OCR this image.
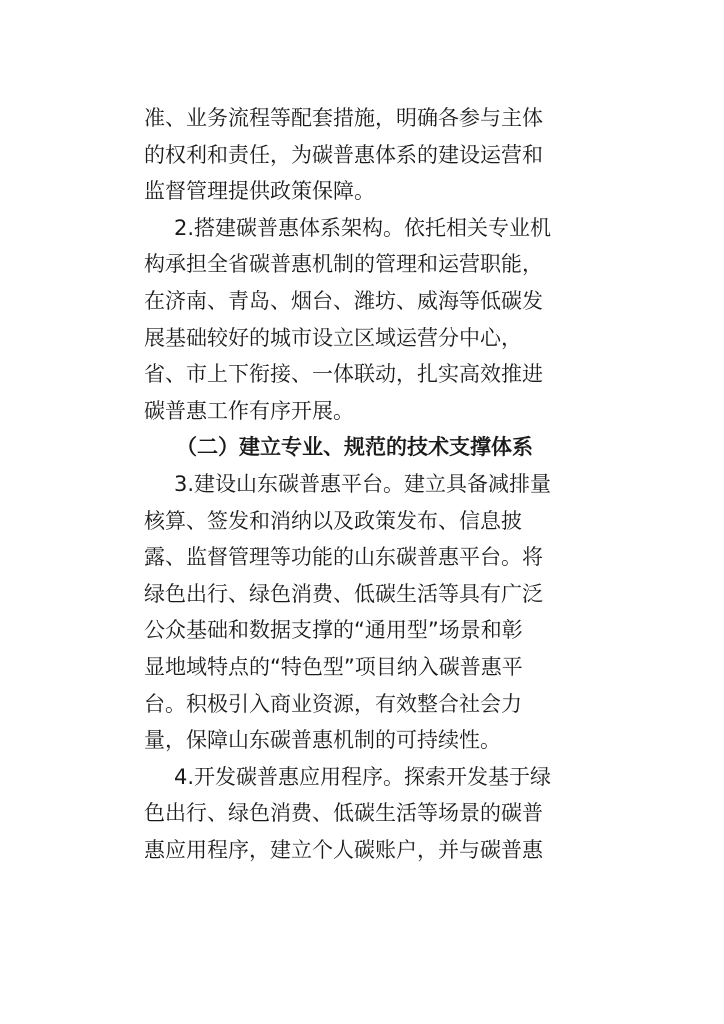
准、业务流程等配套措施，明确各参与主体
的权利和责任，为碳普惠体系的建设运营和
监督管理提供政策保障。
2.搭建碳普惠体系架构。依托相关专业机
构承担全省碳普惠机制的管理和运营职能，
在济南、青岛、烟台、潍坊、威海等低碳发
展基础较好的城市设立区域运营分中心，
省、市上下衔接、一体联动，扎实高效推进
碳普惠工作有序开展。
（二）建立专业、规范的技术支撑体系
3.建设山东碳普惠平台。建立具备减排量
核算、签发和消纳以及政策发布、信息披
露、监督管理等功能的山东碳普惠平台。将
绿色出行、绿色消费、低碳生活等具有广泛
公众基础和数据支撑的“通用型”场景和彰
显地域特点的“特色型”项目纳入碳普惠平
台。积极引入商业资源，有效整合社会力
量，保障山东碳普惠机制的可持续性。
4.开发碳普惠应用程序。探索开发基于绿
色出行、绿色消费、低碳生活等场景的碳普
惠应用程序，建立个人碳账户，并与碳普惠
